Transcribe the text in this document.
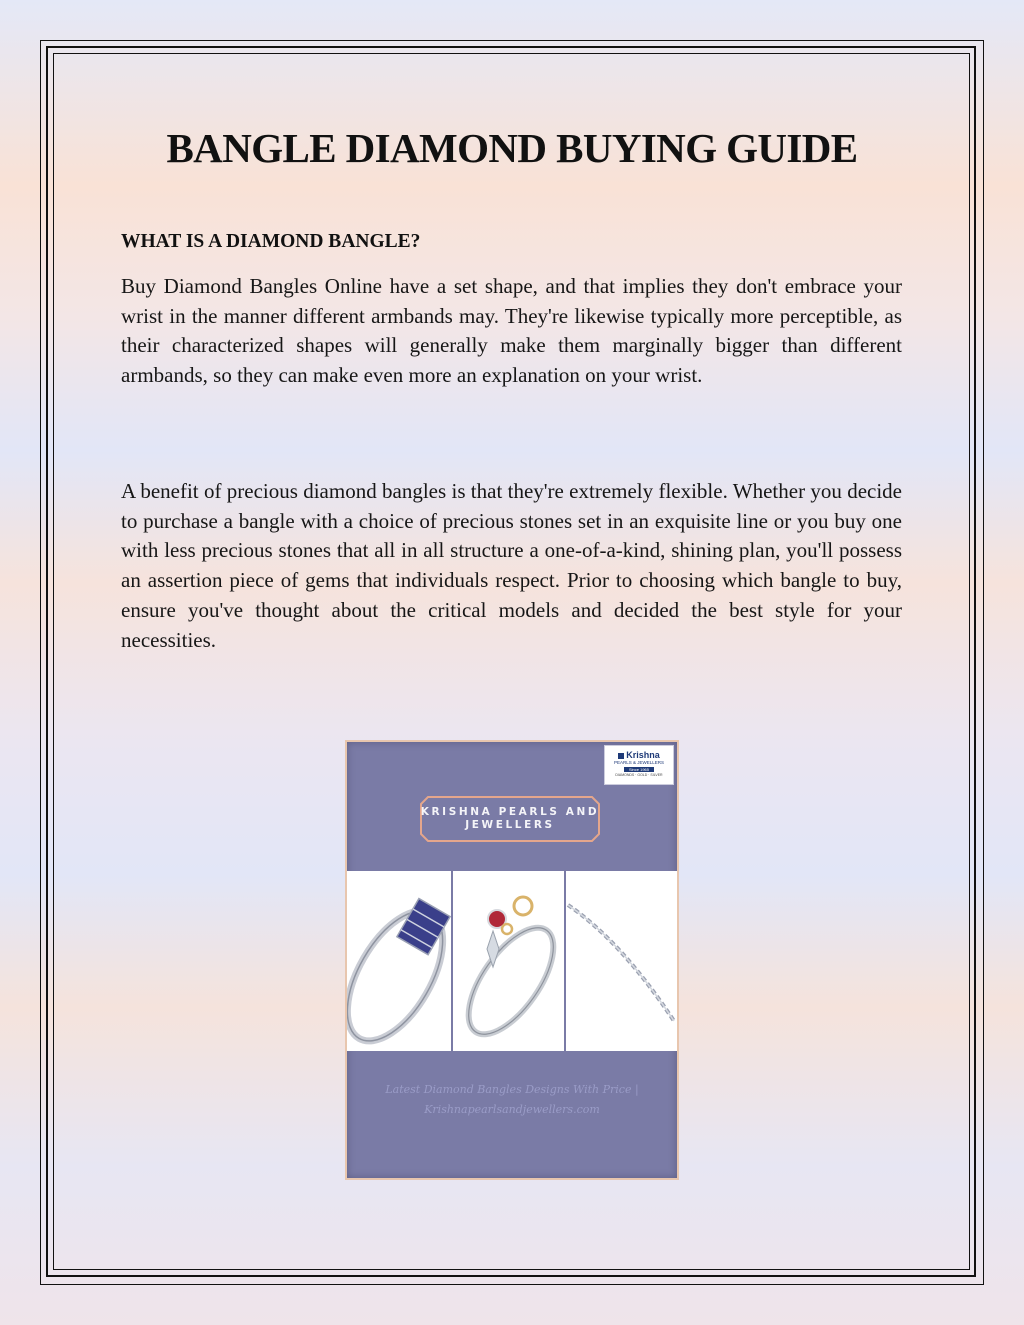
BANGLE DIAMOND BUYING GUIDE
WHAT IS A DIAMOND BANGLE?

Buy Diamond Bangles Online have a set shape, and that implies they don't embrace your wrist in the manner different armbands may. They're likewise typically more perceptible, as their characterized shapes will generally make them marginally bigger than different armbands, so they can make even more an explanation on your wrist.

A benefit of precious diamond bangles is that they're extremely flexible. Whether you decide to purchase a bangle with a choice of precious stones set in an exquisite line or you buy one with less precious stones that all in all structure a one-of-a-kind, shining plan, you'll possess an assertion piece of gems that individuals respect. Prior to choosing which bangle to buy, ensure you've thought about the critical models and decided the best style for your necessities.

Krishna
PEARLS & JEWELLERS
Since 1965
DIAMONDS · GOLD · SILVER
KRISHNA PEARLS AND
JEWELLERS
Latest Diamond Bangles Designs With Price |
Krishnapearlsandjewellers.com
